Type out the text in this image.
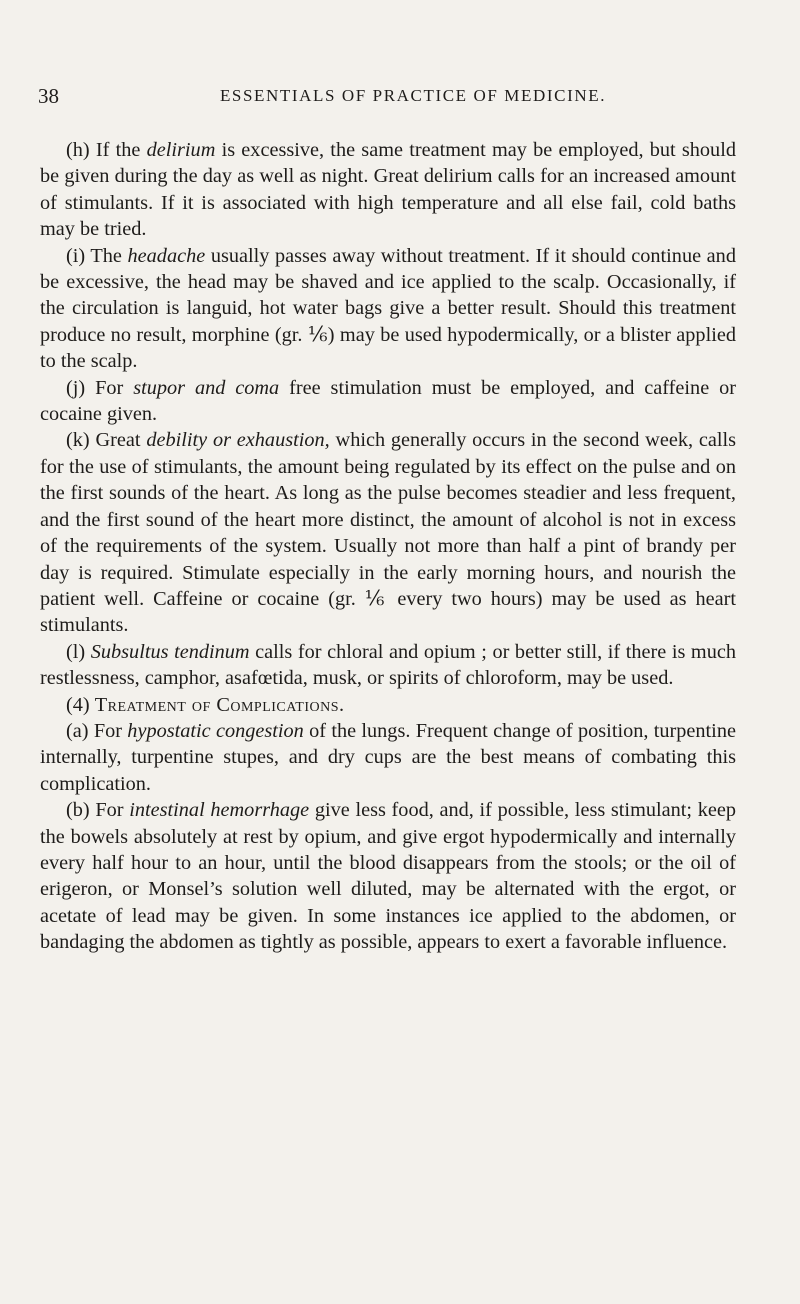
38	ESSENTIALS OF PRACTICE OF MEDICINE.

(h) If the delirium is excessive, the same treatment may be employed, but should be given during the day as well as night. Great delirium calls for an increased amount of stimulants. If it is associated with high temperature and all else fail, cold baths may be tried.

(i) The headache usually passes away without treatment. If it should continue and be excessive, the head may be shaved and ice applied to the scalp. Occasionally, if the circulation is languid, hot water bags give a better result. Should this treatment produce no result, morphine (gr. ⅙) may be used hypodermically, or a blister applied to the scalp.

(j) For stupor and coma free stimulation must be employed, and caffeine or cocaine given.

(k) Great debility or exhaustion, which generally occurs in the second week, calls for the use of stimulants, the amount being regulated by its effect on the pulse and on the first sounds of the heart. As long as the pulse becomes steadier and less frequent, and the first sound of the heart more distinct, the amount of alcohol is not in excess of the requirements of the system. Usually not more than half a pint of brandy per day is required. Stimulate especially in the early morning hours, and nourish the patient well. Caffeine or cocaine (gr. ⅙ every two hours) may be used as heart stimulants.

(l) Subsultus tendinum calls for chloral and opium ; or better still, if there is much restlessness, camphor, asafœtida, musk, or spirits of chloroform, may be used.

(4) Treatment of Complications.

(a) For hypostatic congestion of the lungs. Frequent change of position, turpentine internally, turpentine stupes, and dry cups are the best means of combating this complication.

(b) For intestinal hemorrhage give less food, and, if possible, less stimulant; keep the bowels absolutely at rest by opium, and give ergot hypodermically and internally every half hour to an hour, until the blood disappears from the stools; or the oil of erigeron, or Monsel’s solution well diluted, may be alternated with the ergot, or acetate of lead may be given. In some instances ice applied to the abdomen, or bandaging the abdomen as tightly as possible, appears to exert a favorable influence.
